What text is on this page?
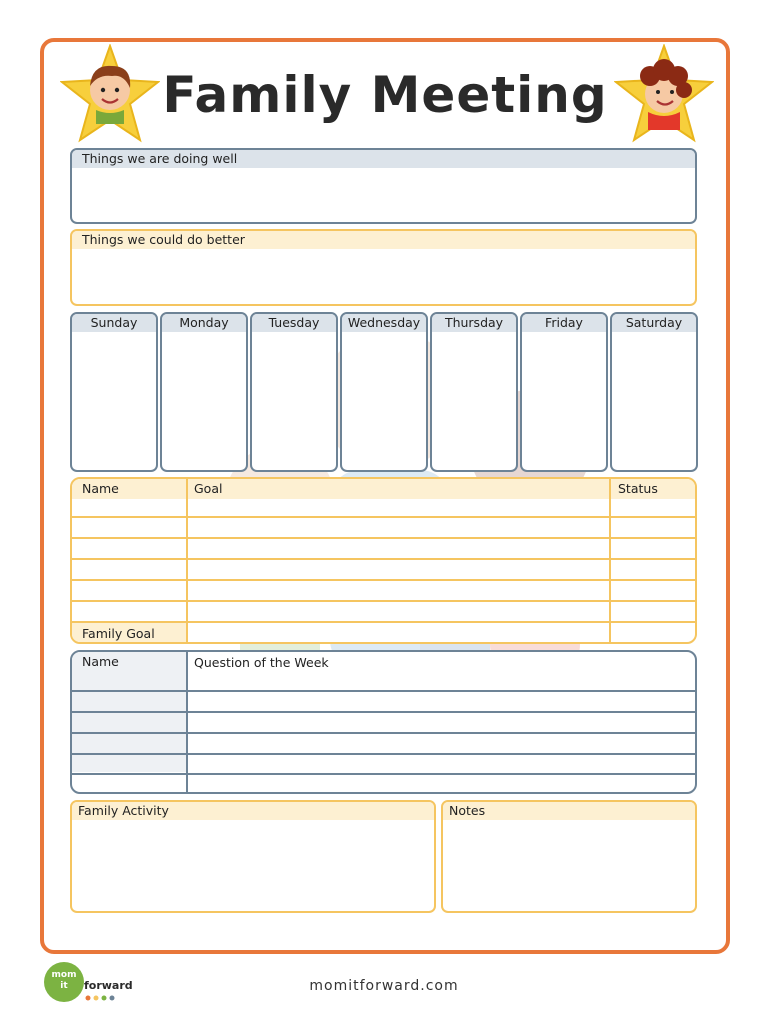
Family Meeting
Things we are doing well
Things we could do better
Sunday	Monday	Tuesday	Wednesday	Thursday	Friday	Saturday
Name	Goal	Status
Family Goal
Name	Question of the Week
Family Activity	Notes
mom
it forward	momitforward.com
